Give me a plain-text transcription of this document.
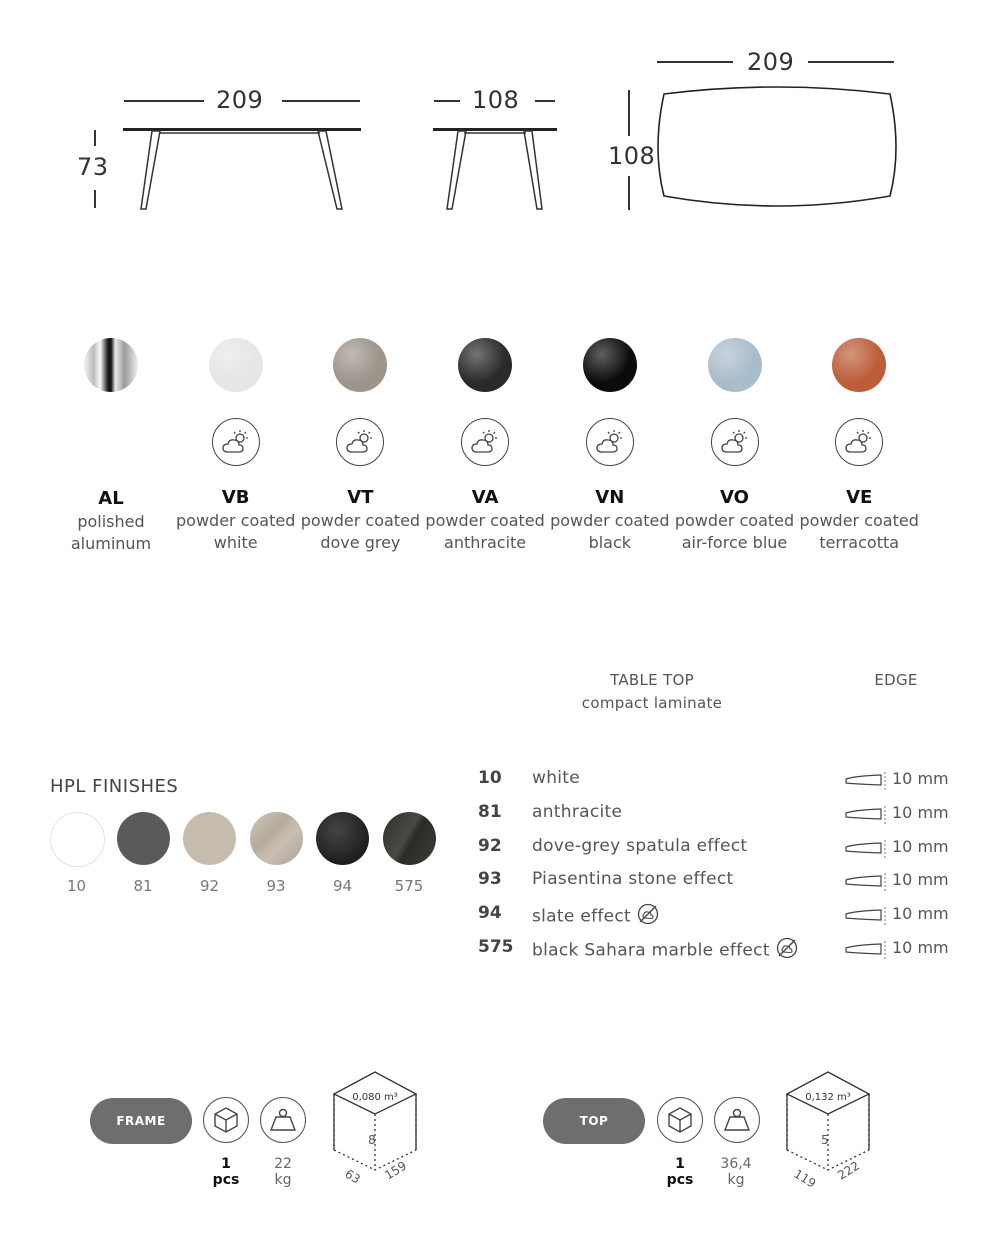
209
73
108
209
108
AL
polished aluminum
VB
powder coated white
VT
powder coated dove grey
VA
powder coated anthracite
VN
powder coated black
VO
powder coated air-force blue
VE
powder coated terracotta
HPL FINISHES
10	81	92	93	94	575
TABLE TOP
compact laminate
EDGE
10 white	10 mm
81 anthracite	10 mm
92 dove-grey spatula effect	10 mm
93 Piasentina stone effect	10 mm
94 slate effect	10 mm
575 black Sahara marble effect	10 mm
FRAME
1
pcs
22
kg
0,080 m³
8
63 159
TOP
1
pcs
36,4
kg
0,132 m³
5
119 222
